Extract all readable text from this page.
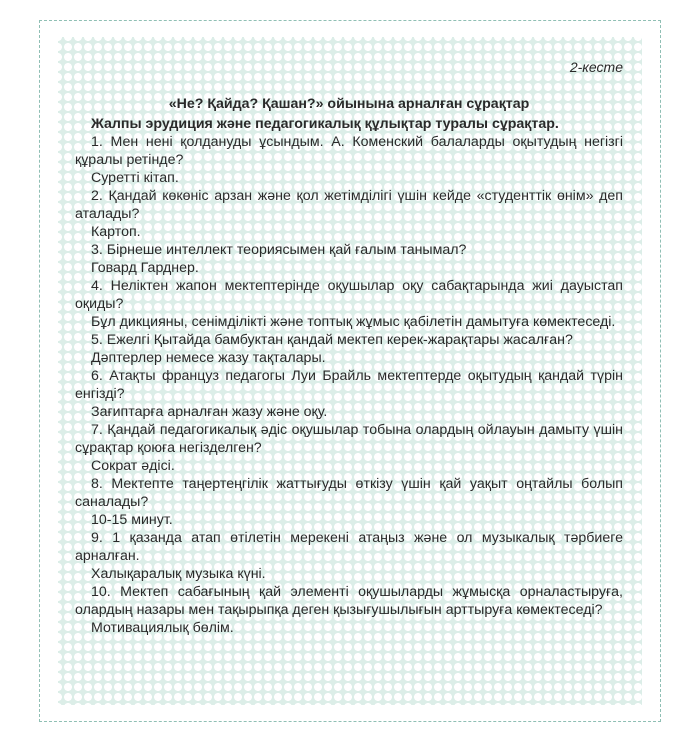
2-кесте
«Не? Қайда? Қашан?» ойынына арналған сұрақтар
Жалпы эрудиция және педагогикалық құлықтар туралы сұрақтар.

1. Мен нені қолдануды ұсындым. А. Коменский балаларды оқытудың негізгі құралы ретінде?

Суретті кітап.

2. Қандай көкөніс арзан және қол жетімділігі үшін кейде «студенттік өнім» деп аталады?

Картоп.

3. Бірнеше интеллект теориясымен қай ғалым танымал?

Говард Гарднер.

4. Неліктен жапон мектептерінде оқушылар оқу сабақтарында жиі дауыстап оқиды?

Бұл дикцияны, сенімділікті және топтық жұмыс қабілетін дамытуға көмектеседі.

5. Ежелгі Қытайда бамбуктан қандай мектеп керек-жарақтары жасалған?

Дәптерлер немесе жазу тақталары.

6. Атақты француз педагогы Луи Брайль мектептерде оқытудың қандай түрін енгізді?

Зағиптарға арналған жазу және оқу.

7. Қандай педагогикалық әдіс оқушылар тобына олардың ойлауын дамыту үшін сұрақтар қоюға негізделген?

Сократ әдісі.

8. Мектепте таңертеңгілік жаттығуды өткізу үшін қай уақыт оңтайлы болып саналады?

10-15 минут.

9. 1 қазанда атап өтілетін мерекені атаңыз және ол музыкалық тәрбиеге арналған.

Халықаралық музыка күні.

10. Мектеп сабағының қай элементі оқушыларды жұмысқа орналастыруға, олардың назары мен тақырыпқа деген қызығушылығын арттыруға көмектеседі?

Мотивациялық бөлім.
